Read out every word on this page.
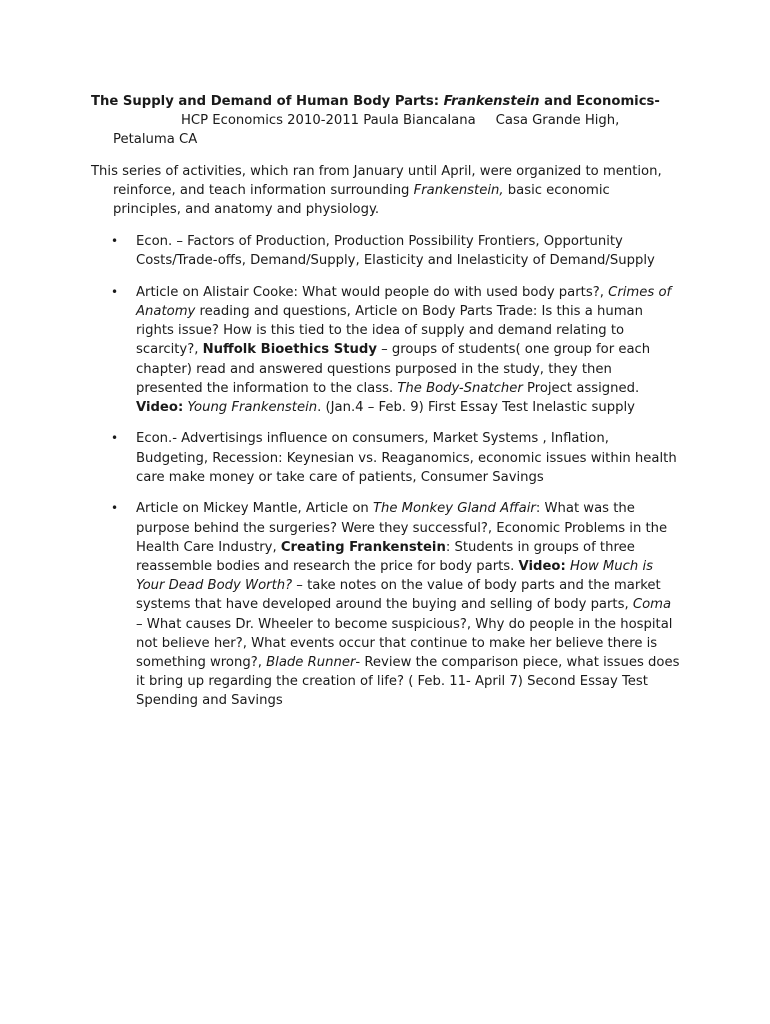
The Supply and Demand of Human Body Parts: Frankenstein and Economics-HCP Economics 2010-2011 Paula Biancalana Casa Grande High, Petaluma CA
This series of activities, which ran from January until April, were organized to mention, reinforce, and teach information surrounding Frankenstein, basic economic principles, and anatomy and physiology.
• Econ. – Factors of Production, Production Possibility Frontiers, Opportunity Costs/Trade-offs, Demand/Supply, Elasticity and Inelasticity of Demand/Supply
• Article on Alistair Cooke: What would people do with used body parts?, Crimes of Anatomy reading and questions, Article on Body Parts Trade: Is this a human rights issue? How is this tied to the idea of supply and demand relating to scarcity?, Nuffolk Bioethics Study – groups of students( one group for each chapter) read and answered questions purposed in the study, they then presented the information to the class. The Body-Snatcher Project assigned. Video: Young Frankenstein. (Jan.4 – Feb. 9) First Essay Test Inelastic supply
• Econ.- Advertisings influence on consumers, Market Systems , Inflation, Budgeting, Recession: Keynesian vs. Reaganomics, economic issues within health care make money or take care of patients, Consumer Savings
• Article on Mickey Mantle, Article on The Monkey Gland Affair: What was the purpose behind the surgeries? Were they successful?, Economic Problems in the Health Care Industry, Creating Frankenstein: Students in groups of three reassemble bodies and research the price for body parts. Video: How Much is Your Dead Body Worth? – take notes on the value of body parts and the market systems that have developed around the buying and selling of body parts, Coma – What causes Dr. Wheeler to become suspicious?, Why do people in the hospital not believe her?, What events occur that continue to make her believe there is something wrong?, Blade Runner- Review the comparison piece, what issues does it bring up regarding the creation of life? ( Feb. 11- April 7) Second Essay Test Spending and Savings
